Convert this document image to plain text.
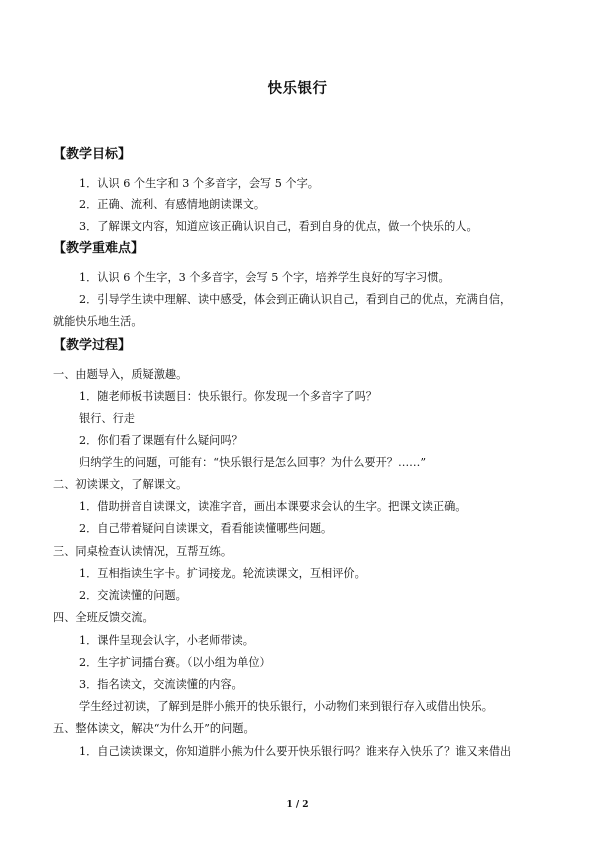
快乐银行
【教学目标】
1．认识 6 个生字和 3 个多音字，会写 5 个字。
2．正确、流利、有感情地朗读课文。
3．了解课文内容，知道应该正确认识自己，看到自身的优点，做一个快乐的人。
【教学重难点】
1．认识 6 个生字，3 个多音字，会写 5 个字，培养学生良好的写字习惯。
2．引导学生读中理解、读中感受，体会到正确认识自己，看到自己的优点，充满自信，
就能快乐地生活。
【教学过程】
一、由题导入，质疑激趣。
1．随老师板书读题目：快乐银行。你发现一个多音字了吗？
银行、行走
2．你们看了课题有什么疑问吗？
归纳学生的问题，可能有：“快乐银行是怎么回事？为什么要开？……”
二、初读课文，了解课文。
1．借助拼音自读课文，读准字音，画出本课要求会认的生字。把课文读正确。
2．自己带着疑问自读课文，看看能读懂哪些问题。
三、同桌检查认读情况，互帮互练。
1．互相指读生字卡。扩词接龙。轮流读课文，互相评价。
2．交流读懂的问题。
四、全班反馈交流。
1．课件呈现会认字，小老师带读。
2．生字扩词擂台赛。（以小组为单位）
3．指名读文，交流读懂的内容。
学生经过初读，了解到是胖小熊开的快乐银行，小动物们来到银行存入或借出快乐。
五、整体读文，解决“为什么开”的问题。
1．自己读读课文，你知道胖小熊为什么要开快乐银行吗？谁来存入快乐了？谁又来借出
1 / 2
